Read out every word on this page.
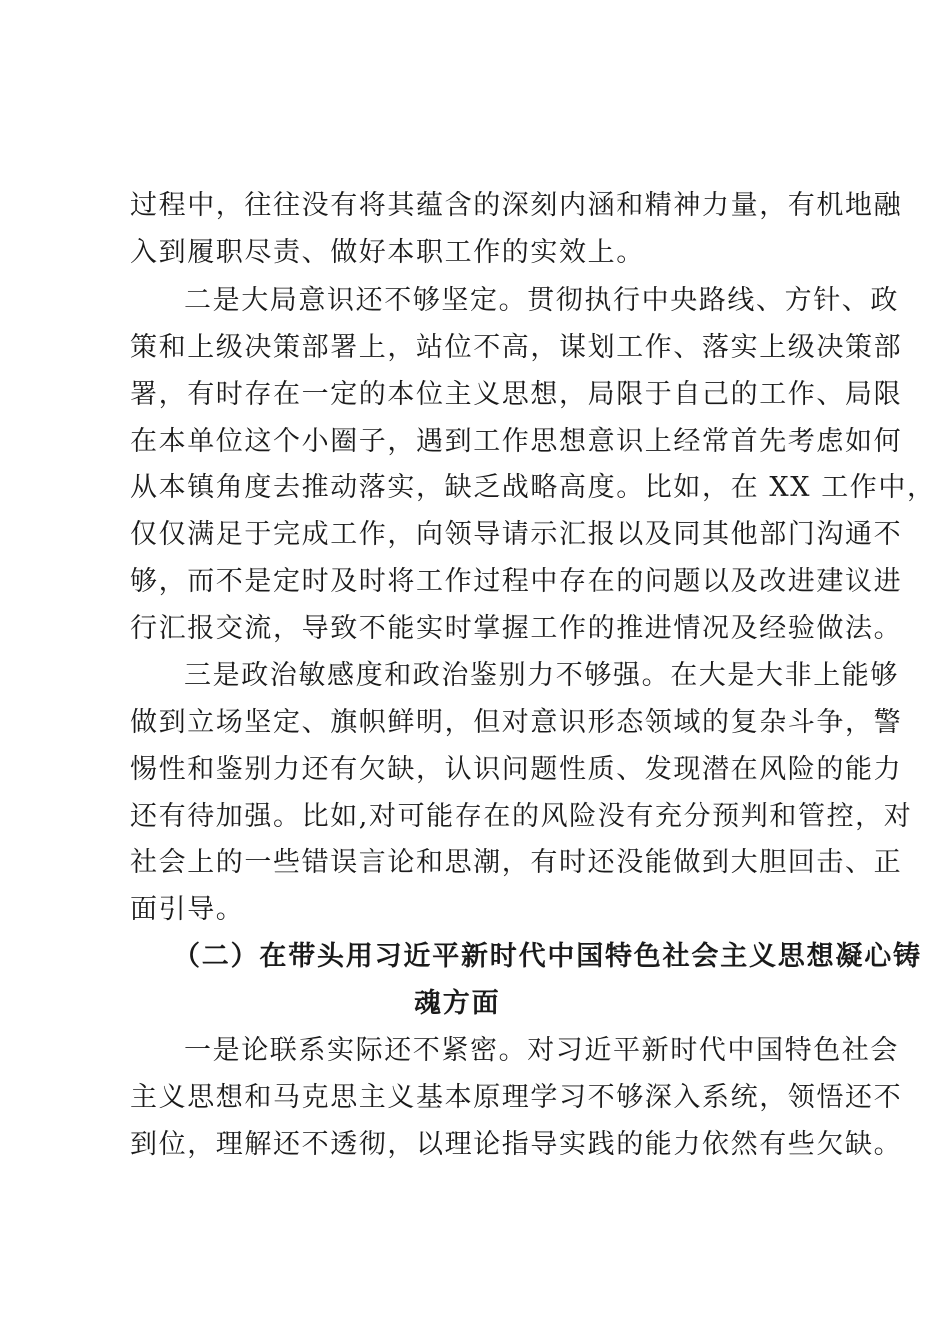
过程中，往往没有将其蕴含的深刻内涵和精神力量，有机地融
入到履职尽责、做好本职工作的实效上。
二是大局意识还不够坚定。贯彻执行中央路线、方针、政
策和上级决策部署上，站位不高，谋划工作、落实上级决策部
署，有时存在一定的本位主义思想，局限于自己的工作、局限
在本单位这个小圈子，遇到工作思想意识上经常首先考虑如何
从本镇角度去推动落实，缺乏战略高度。比如，在 XX 工作中，
仅仅满足于完成工作，向领导请示汇报以及同其他部门沟通不
够，而不是定时及时将工作过程中存在的问题以及改进建议进
行汇报交流，导致不能实时掌握工作的推进情况及经验做法。
三是政治敏感度和政治鉴别力不够强。在大是大非上能够
做到立场坚定、旗帜鲜明，但对意识形态领域的复杂斗争，警
惕性和鉴别力还有欠缺，认识问题性质、发现潜在风险的能力
还有待加强。比如,对可能存在的风险没有充分预判和管控，对
社会上的一些错误言论和思潮，有时还没能做到大胆回击、正
面引导。
（二）在带头用习近平新时代中国特色社会主义思想凝心铸
魂方面
一是论联系实际还不紧密。对习近平新时代中国特色社会
主义思想和马克思主义基本原理学习不够深入系统，领悟还不
到位，理解还不透彻，以理论指导实践的能力依然有些欠缺。
